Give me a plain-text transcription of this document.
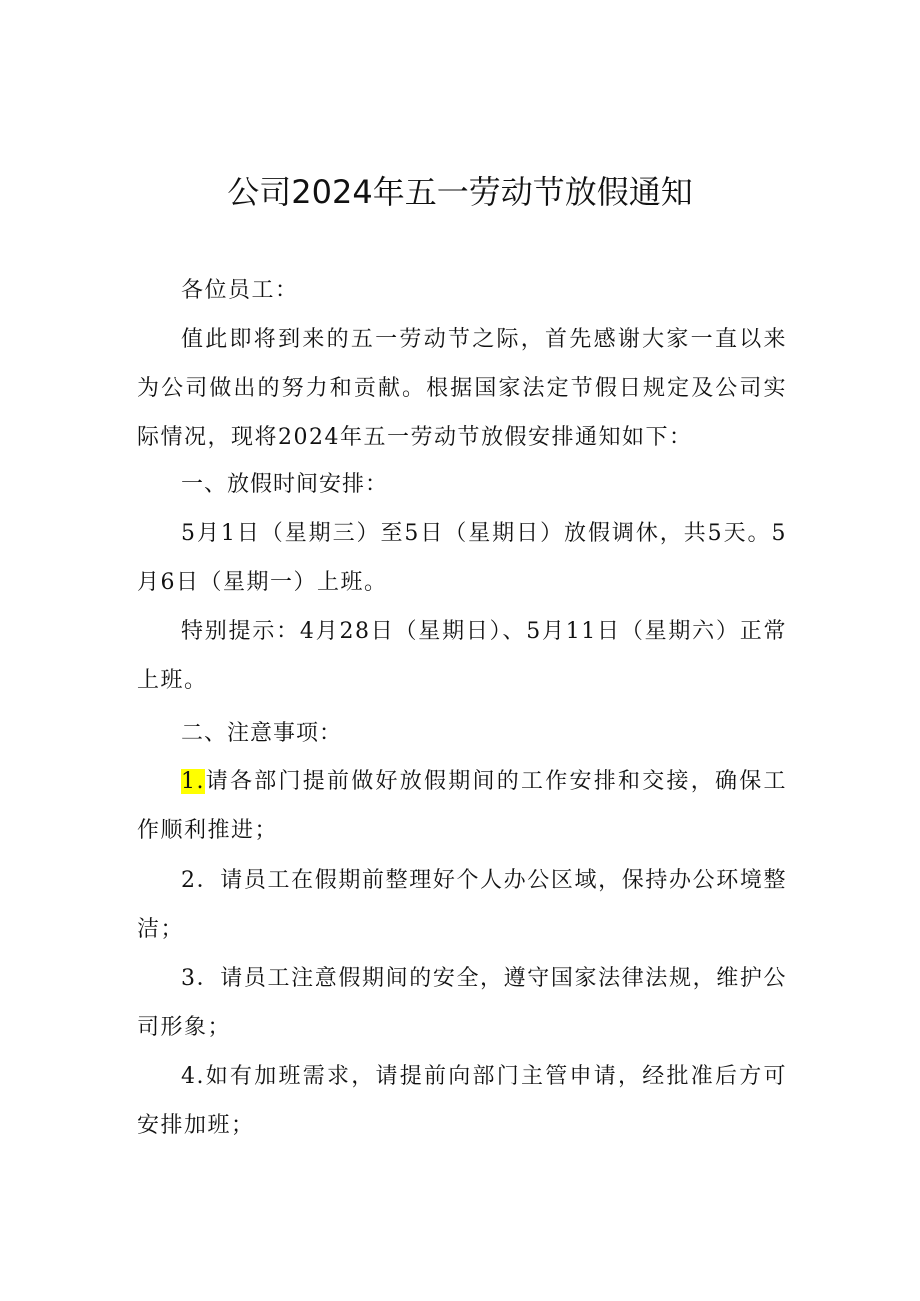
公司2024年五一劳动节放假通知

各位员工：

值此即将到来的五一劳动节之际，首先感谢大家一直以来为公司做出的努力和贡献。根据国家法定节假日规定及公司实际情况，现将2024年五一劳动节放假安排通知如下：

一、放假时间安排：

5月1日（星期三）至5日（星期日）放假调休，共5天。5月6日（星期一）上班。

特别提示：4月28日（星期日）、5月11日（星期六）正常上班。

二、注意事项：

1.请各部门提前做好放假期间的工作安排和交接，确保工作顺利推进；

2．请员工在假期前整理好个人办公区域，保持办公环境整洁；

3．请员工注意假期间的安全，遵守国家法律法规，维护公司形象；

4.如有加班需求，请提前向部门主管申请，经批准后方可安排加班；
